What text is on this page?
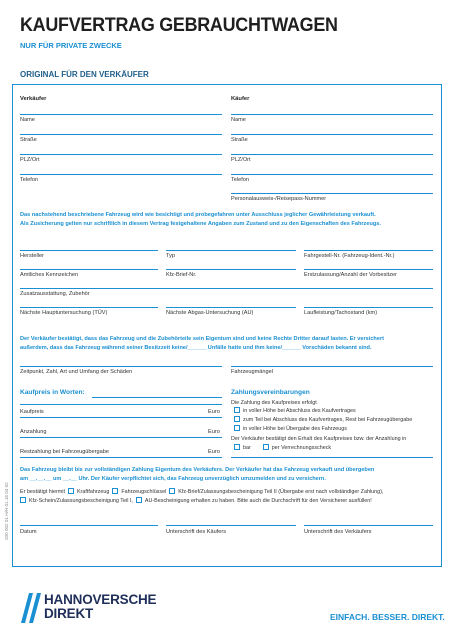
KAUFVERTRAG GEBRAUCHTWAGEN
NUR FÜR PRIVATE ZWECKE
ORIGINAL FÜR DEN VERKÄUFER
Verkäufer	Käufer
Name	Name
Straße	Straße
PLZ/Ort	PLZ/Ort
Telefon	Telefon
Personalausweis-/Reisepass-Nummer
Das nachstehend beschriebene Fahrzeug wird wie besichtigt und probegefahren unter Ausschluss jeglicher Gewährleistung verkauft.
Als Zusicherung gelten nur schriftlich in diesem Vertrag festgehaltene Angaben zum Zustand und zu den Eigenschaften des Fahrzeugs.
Hersteller	Typ	Fahrgestell-Nr. (Fahrzeug-Ident.-Nr.)
Amtliches Kennzeichen	Kfz-Brief-Nr.	Erstzulassung/Anzahl der Vorbesitzer
Zusatzausstattung, Zubehör
Nächste Hauptuntersuchung (TÜV)	Nächste Abgas-Untersuchung (AU)	Laufleistung/Tachostand (km)
Der Verkäufer bestätigt, dass das Fahrzeug und die Zubehörteile sein Eigentum sind und keine Rechte Dritter darauf lasten. Er versichert
außerdem, dass das Fahrzeug während seiner Besitzzeit keine/______ Unfälle hatte und ihm keine/______ Vorschäden bekannt sind.
Zeitpunkt, Zahl, Art und Umfang der Schäden	Fahrzeugmängel
Kaufpreis in Worten:
Kaufpreis	Euro
Anzahlung	Euro
Restzahlung bei Fahrzeugübergabe	Euro
Zahlungsvereinbarungen
Die Zahlung des Kaufpreises erfolgt
in voller Höhe bei Abschluss des Kaufvertrages
zum Teil bei Abschluss des Kaufvertrages, Rest bei Fahrzeugübergabe
in voller Höhe bei Übergabe des Fahrzeugs
Der Verkäufer bestätigt den Erhalt des Kaufpreises bzw. der Anzahlung in
bar	per Verrechnungsscheck
Das Fahrzeug bleibt bis zur vollständigen Zahlung Eigentum des Verkäufers. Der Verkäufer hat das Fahrzeug verkauft und übergeben
am __.__.__ um __.__ Uhr. Der Käufer verpflichtet sich, das Fahrzeug unverzüglich umzumelden und zu versichern.
Er bestätigt hiermit Kraftfahrzeug Fahrzeugschlüssel Kfz-Brief/Zulassungsbescheinigung Teil II (Übergabe erst nach vollständiger Zahlung),
Kfz-Schein/Zulassungsbescheinigung Teil I, AU-Bescheinigung erhalten zu haben. Bitte auch die Durchschrift für den Versicherer ausfüllen!
Datum	Unterschrift des Käufers	Unterschrift des Verkäufers
200 002 01 H/H 01.16 04 02
HANNOVERSCHE
DIREKT	EINFACH. BESSER. DIREKT.
